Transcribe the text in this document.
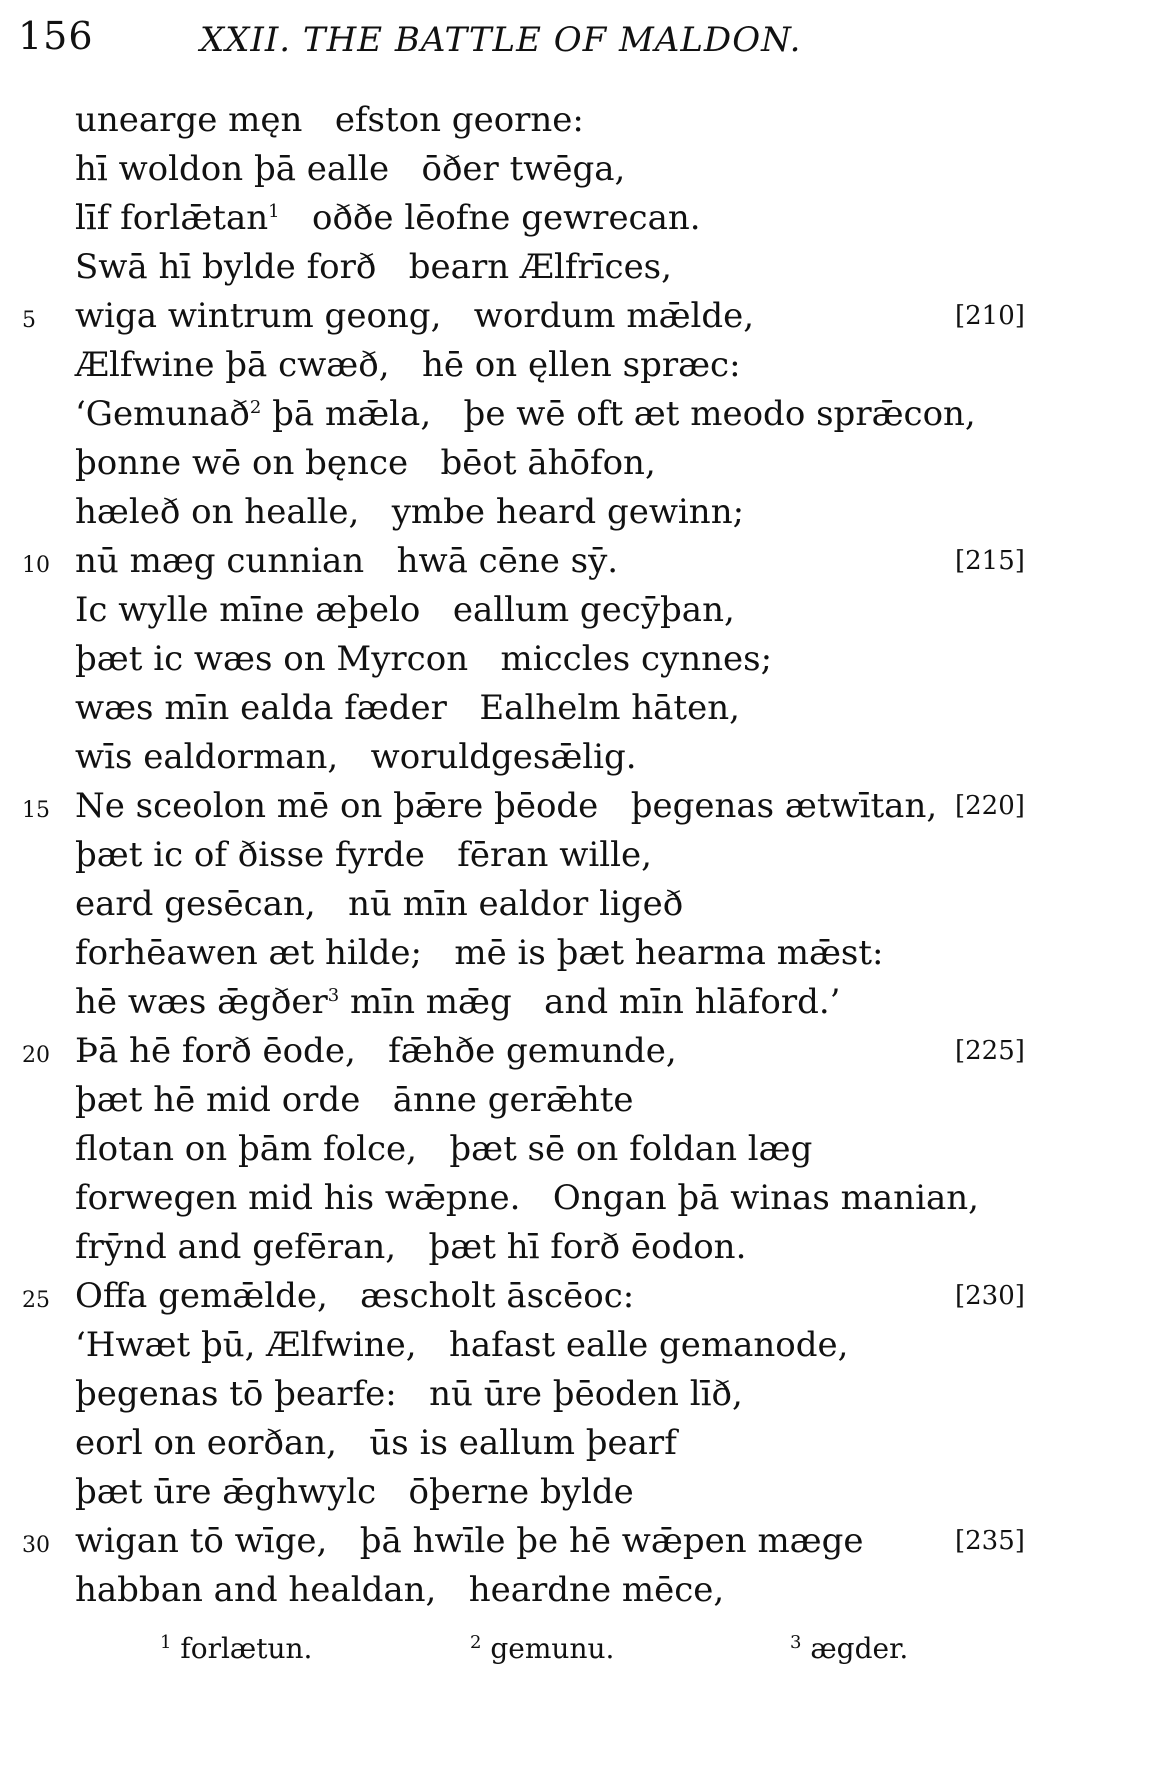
156	XXII. THE BATTLE OF MALDON.
unearge męn   efston georne:
hī woldon þā ealle   ōðer twēga,
līf forlǣtan$^1$   oððe lēofne gewrecan.
Swā hī bylde forð   bearn Ælfrīces,
5 wiga wintrum geong,   wordum mǣlde,	[210]
Ælfwine þā cwæð,   hē on ęllen spræc:
‘Gemunað$^2$ þā mǣla,   þe wē oft æt meodo sprǣcon,
þonne wē on bęnce   bēot āhōfon,
hæleð on healle,   ymbe heard gewinn;
10 nū mæg cunnian   hwā cēne sȳ.	[215]
Ic wylle mīne æþelo   eallum gecȳþan,
þæt ic wæs on Myrcon   miccles cynnes;
wæs mīn ealda fæder   Ealhelm hāten,
wīs ealdorman,   woruldgesǣlig.
15 Ne sceolon mē on þǣre þēode   þegenas ætwītan, [220]
þæt ic of ðisse fyrde   fēran wille,
eard gesēcan,   nū mīn ealdor ligeð
forhēawen æt hilde;   mē is þæt hearma mǣst:
hē wæs ǣgðer$^3$ mīn mǣg   and mīn hlāford.’
20 Þā hē forð ēode,   fǣhðe gemunde,	[225]
þæt hē mid orde   ānne gerǣhte
flotan on þām folce,   þæt sē on foldan læg
forwegen mid his wǣpne.   Ongan þā winas manian,
frȳnd and gefēran,   þæt hī forð ēodon.
25 Offa gemǣlde,   æscholt āscēoc:	[230]
‘Hwæt þū, Ælfwine,   hafast ealle gemanode,
þegenas tō þearfe:   nū ūre þēoden līð,
eorl on eorðan,   ūs is eallum þearf
þæt ūre ǣghwylc   ōþerne bylde
30 wigan tō wīge,   þā hwīle þe hē wǣpen mæge	[235]
habban and healdan,   heardne mēce,
$^1$ forlætun.	$^2$ gemunu.	$^3$ ægder.
